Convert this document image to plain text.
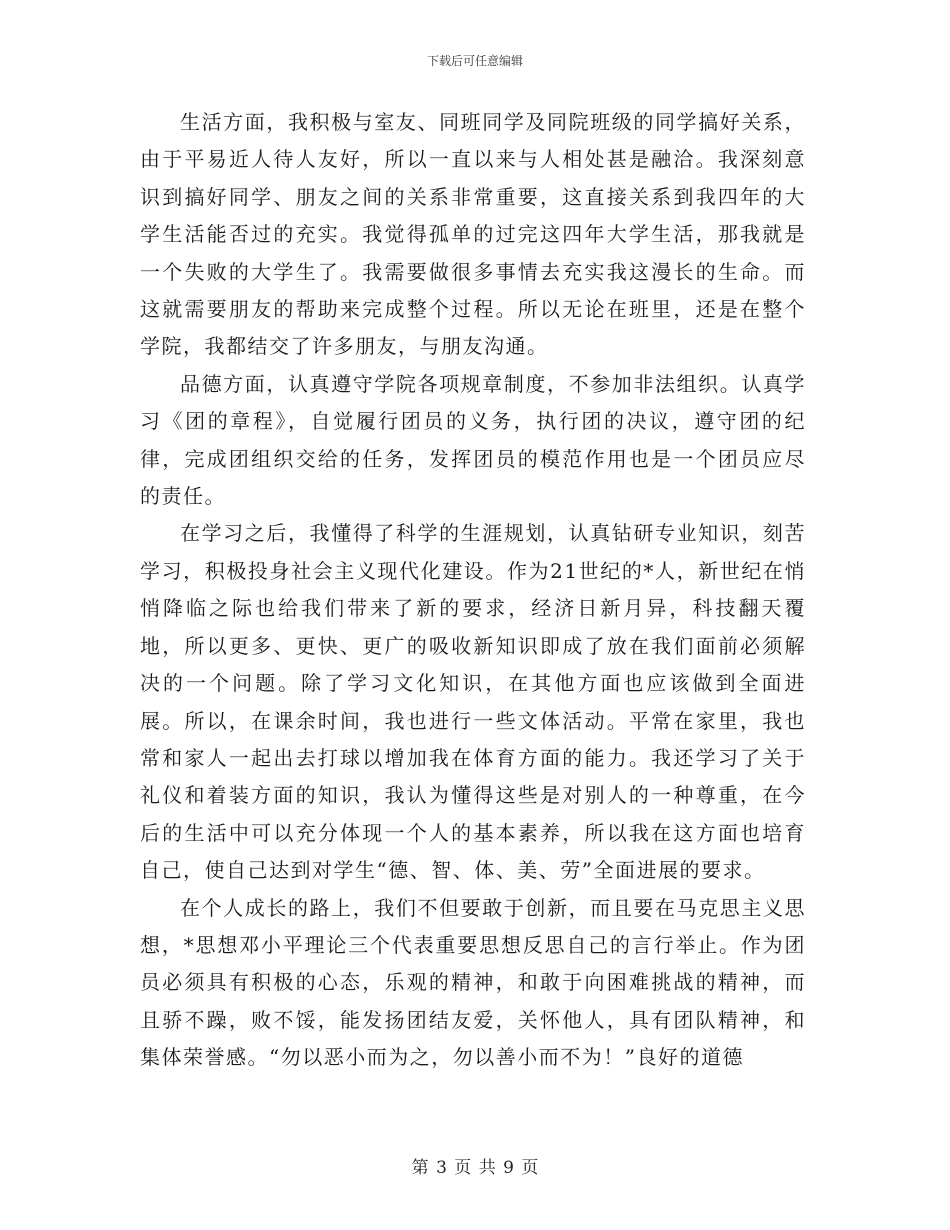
下载后可任意编辑

生活方面，我积极与室友、同班同学及同院班级的同学搞好关系，由于平易近人待人友好，所以一直以来与人相处甚是融洽。我深刻意识到搞好同学、朋友之间的关系非常重要，这直接关系到我四年的大学生活能否过的充实。我觉得孤单的过完这四年大学生活，那我就是一个失败的大学生了。我需要做很多事情去充实我这漫长的生命。而这就需要朋友的帮助来完成整个过程。所以无论在班里，还是在整个学院，我都结交了许多朋友，与朋友沟通。

品德方面，认真遵守学院各项规章制度，不参加非法组织。认真学习《团的章程》，自觉履行团员的义务，执行团的决议，遵守团的纪律，完成团组织交给的任务，发挥团员的模范作用也是一个团员应尽的责任。

在学习之后，我懂得了科学的生涯规划，认真钻研专业知识，刻苦学习，积极投身社会主义现代化建设。作为21世纪的*人，新世纪在悄悄降临之际也给我们带来了新的要求，经济日新月异，科技翻天覆地，所以更多、更快、更广的吸收新知识即成了放在我们面前必须解决的一个问题。除了学习文化知识，在其他方面也应该做到全面进展。所以，在课余时间，我也进行一些文体活动。平常在家里，我也常和家人一起出去打球以增加我在体育方面的能力。我还学习了关于礼仪和着装方面的知识，我认为懂得这些是对别人的一种尊重，在今后的生活中可以充分体现一个人的基本素养，所以我在这方面也培育自己，使自己达到对学生“德、智、体、美、劳”全面进展的要求。

在个人成长的路上，我们不但要敢于创新，而且要在马克思主义思想，*思想邓小平理论三个代表重要思想反思自己的言行举止。作为团员必须具有积极的心态，乐观的精神，和敢于向困难挑战的精神，而且骄不躁，败不馁，能发扬团结友爱，关怀他人，具有团队精神，和集体荣誉感。“勿以恶小而为之，勿以善小而不为！”良好的道德

第 3 页 共 9 页
